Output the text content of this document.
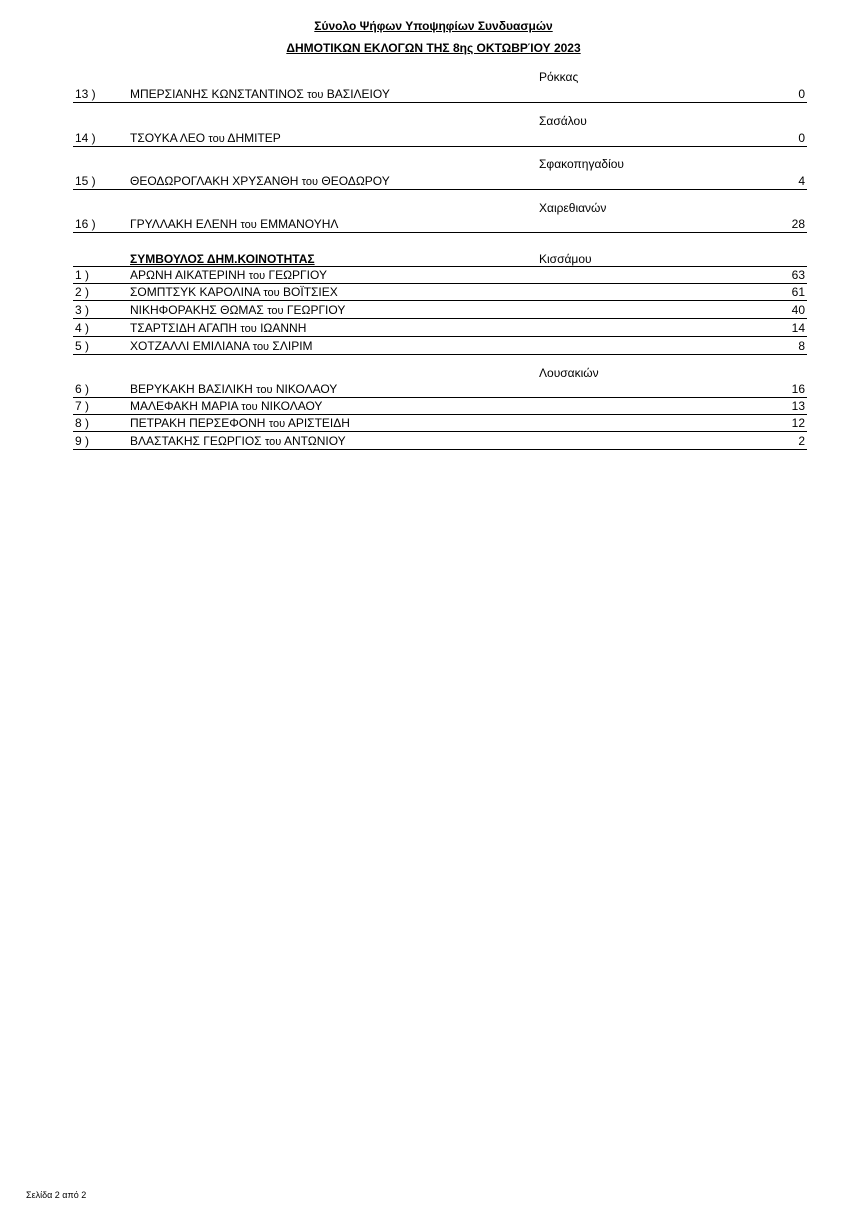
Σύνολο Ψήφων Υποψηφίων Συνδυασμών
ΔΗΜΟΤΙΚΩΝ ΕΚΛΟΓΩΝ ΤΗΣ 8ης ΟΚΤΩΒΡΊΟΥ 2023
Ρόκκας
13 )	ΜΠΕΡΣΙΑΝΗΣ ΚΩΝΣΤΑΝΤΙΝΟΣ του ΒΑΣΙΛΕΙΟΥ	0
Σασάλου
14 )	ΤΣΟΥΚΑ ΛΕΟ του ΔΗΜΙΤΕΡ	0
Σφακοπηγαδίου
15 )	ΘΕΟΔΩΡΟΓΛΑΚΗ ΧΡΥΣΑΝΘΗ του ΘΕΟΔΩΡΟΥ	4
Χαιρεθιανών
16 )	ΓΡΥΛΛΑΚΗ ΕΛΕΝΗ του ΕΜΜΑΝΟΥΗΛ	28
ΣΥΜΒΟΥΛΟΣ ΔΗΜ.ΚΟΙΝΟΤΗΤΑΣ	Κισσάμου
1 )	ΑΡΩΝΗ ΑΙΚΑΤΕΡΙΝΗ του ΓΕΩΡΓΙΟΥ	63
2 )	ΣΟΜΠΤΣΥΚ ΚΑΡΟΛΙΝΑ του ΒΟΪΤΣΙΕΧ	61
3 )	ΝΙΚΗΦΟΡΑΚΗΣ ΘΩΜΑΣ του ΓΕΩΡΓΙΟΥ	40
4 )	ΤΣΑΡΤΣΙΔΗ ΑΓΑΠΗ του ΙΩΑΝΝΗ	14
5 )	ΧΟΤΖΑΛΛΙ ΕΜΙΛΙΑΝΑ του ΣΛΙΡΙΜ	8
Λουσακιών
6 )	ΒΕΡΥΚΑΚΗ ΒΑΣΙΛΙΚΗ του ΝΙΚΟΛΑΟΥ	16
7 )	ΜΑΛΕΦΑΚΗ ΜΑΡΙΑ του ΝΙΚΟΛΑΟΥ	13
8 )	ΠΕΤΡΑΚΗ ΠΕΡΣΕΦΟΝΗ του ΑΡΙΣΤΕΙΔΗ	12
9 )	ΒΛΑΣΤΑΚΗΣ ΓΕΩΡΓΙΟΣ του ΑΝΤΩΝΙΟΥ	2
Σελίδα 2 από 2
